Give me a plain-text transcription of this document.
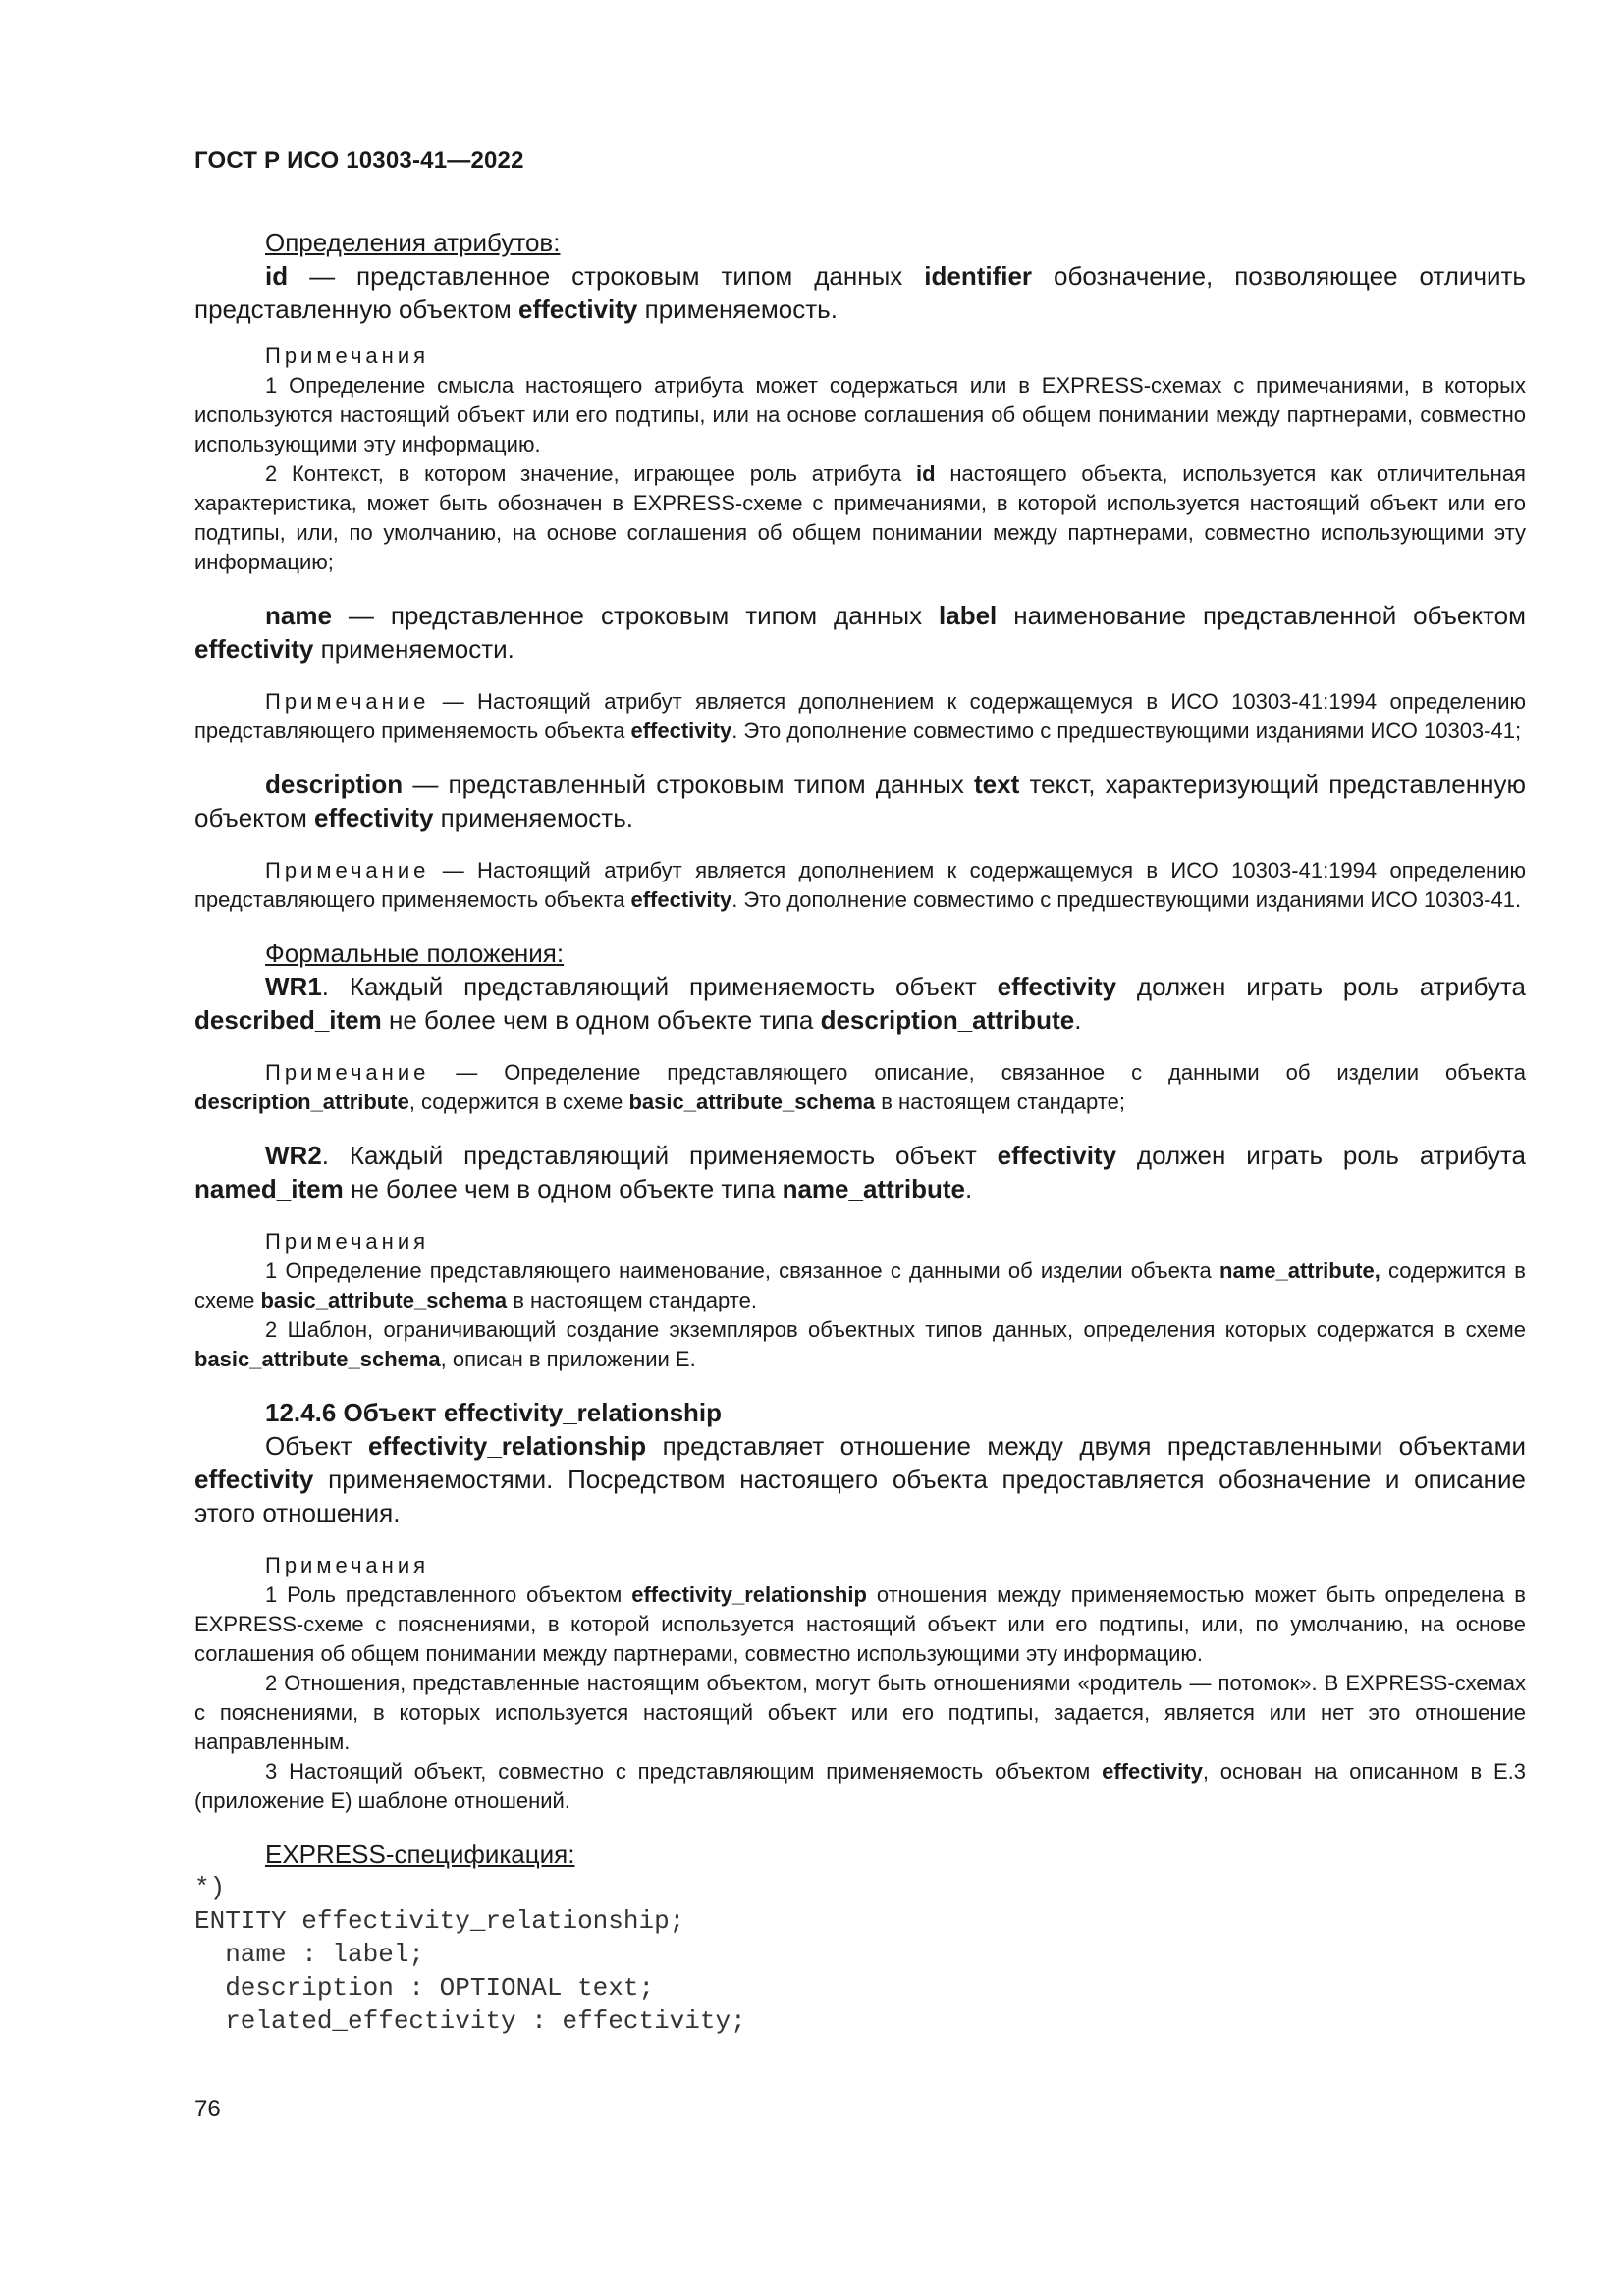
ГОСТ Р ИСО 10303-41—2022
Определения атрибутов:

id — представленное строковым типом данных identifier обозначение, позволяющее отличить представленную объектом effectivity применяемость.

Примечания

1 Определение смысла настоящего атрибута может содержаться или в EXPRESS-схемах с примечаниями, в которых используются настоящий объект или его подтипы, или на основе соглашения об общем понимании между партнерами, совместно использующими эту информацию.

2 Контекст, в котором значение, играющее роль атрибута id настоящего объекта, используется как отличительная характеристика, может быть обозначен в EXPRESS-схеме с примечаниями, в которой используется настоящий объект или его подтипы, или, по умолчанию, на основе соглашения об общем понимании между партнерами, совместно использующими эту информацию;

name — представленное строковым типом данных label наименование представленной объектом effectivity применяемости.

Примечание — Настоящий атрибут является дополнением к содержащемуся в ИСО 10303-41:1994 определению представляющего применяемость объекта effectivity. Это дополнение совместимо с предшествующими изданиями ИСО 10303-41;

description — представленный строковым типом данных text текст, характеризующий представленную объектом effectivity применяемость.

Примечание — Настоящий атрибут является дополнением к содержащемуся в ИСО 10303-41:1994 определению представляющего применяемость объекта effectivity. Это дополнение совместимо с предшествующими изданиями ИСО 10303-41.

Формальные положения:

WR1. Каждый представляющий применяемость объект effectivity должен играть роль атрибута described_item не более чем в одном объекте типа description_attribute.

Примечание — Определение представляющего описание, связанное с данными об изделии объекта description_attribute, содержится в схеме basic_attribute_schema в настоящем стандарте;

WR2. Каждый представляющий применяемость объект effectivity должен играть роль атрибута named_item не более чем в одном объекте типа name_attribute.

Примечания

1 Определение представляющего наименование, связанное с данными об изделии объекта name_attribute, содержится в схеме basic_attribute_schema в настоящем стандарте.

2 Шаблон, ограничивающий создание экземпляров объектных типов данных, определения которых содержатся в схеме basic_attribute_schema, описан в приложении E.

12.4.6 Объект effectivity_relationship

Объект effectivity_relationship представляет отношение между двумя представленными объектами effectivity применяемостями. Посредством настоящего объекта предоставляется обозначение и описание этого отношения.

Примечания

1 Роль представленного объектом effectivity_relationship отношения между применяемостью может быть определена в EXPRESS-схеме с пояснениями, в которой используется настоящий объект или его подтипы, или, по умолчанию, на основе соглашения об общем понимании между партнерами, совместно использующими эту информацию.

2 Отношения, представленные настоящим объектом, могут быть отношениями «родитель — потомок». В EXPRESS-схемах с пояснениями, в которых используется настоящий объект или его подтипы, задается, является или нет это отношение направленным.

3 Настоящий объект, совместно с представляющим применяемость объектом effectivity, основан на описанном в E.3 (приложение E) шаблоне отношений.

EXPRESS-спецификация:
*)
ENTITY effectivity_relationship;
name : label;
description : OPTIONAL text;
related_effectivity : effectivity;
76
